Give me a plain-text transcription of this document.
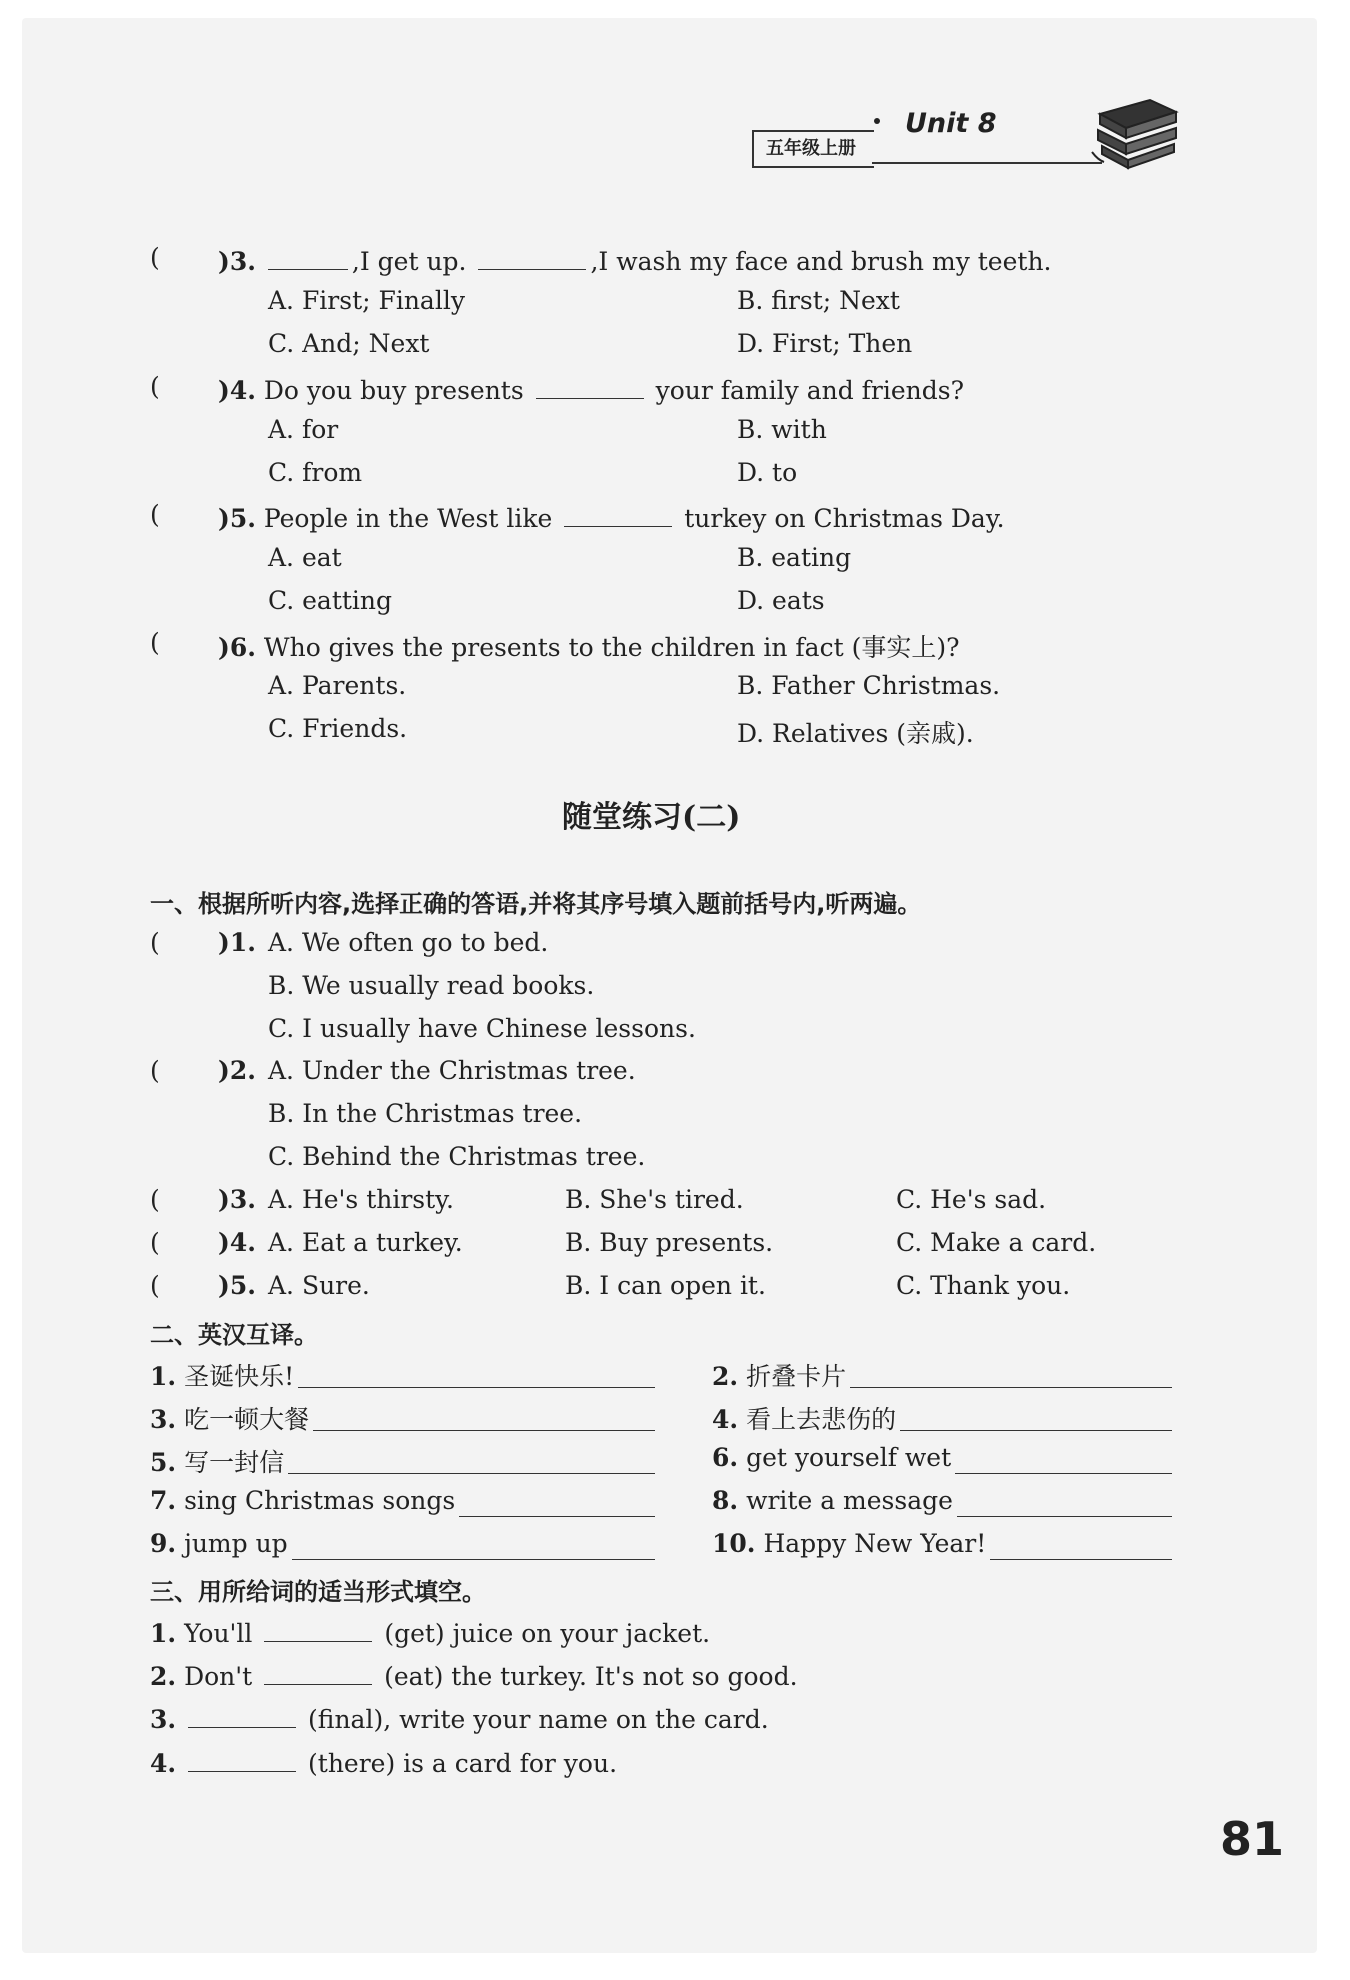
五年级上册
Unit 8
( )3.	,I get up.	,I wash my face and brush my teeth.
A. First; Finally	B. first; Next
C. And; Next	D. First; Then
( )4. Do you buy presents	your family and friends?
A. for	B. with
C. from	D. to
( )5. People in the West like	turkey on Christmas Day.
A. eat	B. eating
C. eatting	D. eats
( )6. Who gives the presents to the children in fact (事实上)?
A. Parents.	B. Father Christmas.
C. Friends.	D. Relatives (亲戚).
随堂练习(二)
一、根据所听内容,选择正确的答语,并将其序号填入题前括号内,听两遍。
( )1. A. We often go to bed.
B. We usually read books.
C. I usually have Chinese lessons.
( )2. A. Under the Christmas tree.
B. In the Christmas tree.
C. Behind the Christmas tree.
( )3. A. He's thirsty.	B. She's tired.	C. He's sad.
( )4. A. Eat a turkey.	B. Buy presents.	C. Make a card.
( )5. A. Sure.	B. I can open it.	C. Thank you.
二、英汉互译。
1. 圣诞快乐!	2. 折叠卡片
3. 吃一顿大餐	4. 看上去悲伤的
5. 写一封信	6. get yourself wet
7. sing Christmas songs	8. write a message
9. jump up	10. Happy New Year!
三、用所给词的适当形式填空。
1. You'll	(get) juice on your jacket.
2. Don't	(eat) the turkey. It's not so good.
3.	(final), write your name on the card.
4.	(there) is a card for you.
81
